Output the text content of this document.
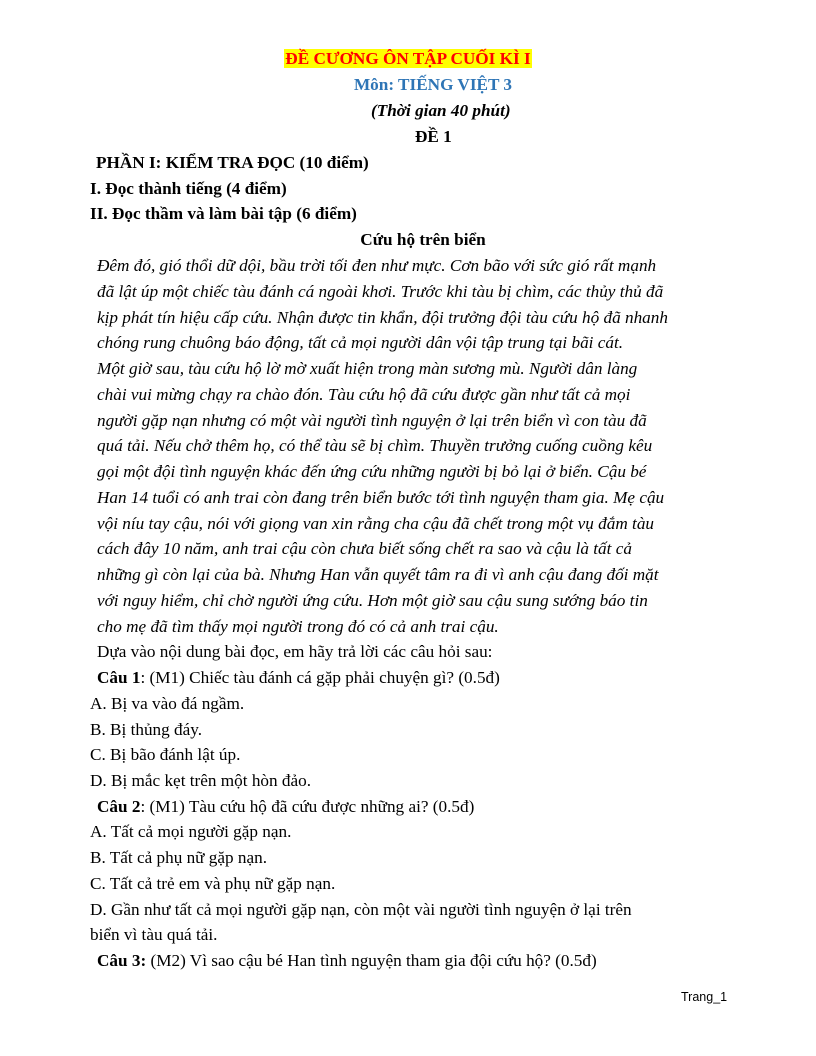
ĐỀ CƯƠNG ÔN TẬP CUỐI KÌ I
Môn: TIẾNG VIỆT 3
(Thời gian 40 phút)
ĐỀ 1
PHẦN I: KIỂM TRA ĐỌC (10 điểm)
I. Đọc thành tiếng (4 điểm)
II. Đọc thầm và làm bài tập (6 điểm)
Cứu hộ trên biển
Đêm đó, gió thổi dữ dội, bầu trời tối đen như mực. Cơn bão với sức gió rất mạnh
đã lật úp một chiếc tàu đánh cá ngoài khơi. Trước khi tàu bị chìm, các thủy thủ đã
kịp phát tín hiệu cấp cứu. Nhận được tin khẩn, đội trưởng đội tàu cứu hộ đã nhanh
chóng rung chuông báo động, tất cả mọi người dân vội tập trung tại bãi cát.
Một giờ sau, tàu cứu hộ lờ mờ xuất hiện trong màn sương mù. Người dân làng
chài vui mừng chạy ra chào đón. Tàu cứu hộ đã cứu được gần như tất cả mọi
người gặp nạn nhưng có một vài người tình nguyện ở lại trên biển vì con tàu đã
quá tải. Nếu chở thêm họ, có thể tàu sẽ bị chìm. Thuyền trưởng cuống cuồng kêu
gọi một đội tình nguyện khác đến ứng cứu những người bị bỏ lại ở biển. Cậu bé
Han 14 tuổi có anh trai còn đang trên biển bước tới tình nguyện tham gia. Mẹ cậu
vội níu tay cậu, nói với giọng van xin rằng cha cậu đã chết trong một vụ đắm tàu
cách đây 10 năm, anh trai cậu còn chưa biết sống chết ra sao và cậu là tất cả
những gì còn lại của bà. Nhưng Han vẫn quyết tâm ra đi vì anh cậu đang đối mặt
với nguy hiểm, chỉ chờ người ứng cứu. Hơn một giờ sau cậu sung sướng báo tin
cho mẹ đã tìm thấy mọi người trong đó có cả anh trai cậu.
Dựa vào nội dung bài đọc, em hãy trả lời các câu hỏi sau:
Câu 1: (M1) Chiếc tàu đánh cá gặp phải chuyện gì? (0.5đ)
A. Bị va vào đá ngầm.
B. Bị thủng đáy.
C. Bị bão đánh lật úp.
D. Bị mắc kẹt trên một hòn đảo.
Câu 2: (M1) Tàu cứu hộ đã cứu được những ai? (0.5đ)
A. Tất cả mọi người gặp nạn.
B. Tất cả phụ nữ gặp nạn.
C. Tất cả trẻ em và phụ nữ gặp nạn.
D. Gần như tất cả mọi người gặp nạn, còn một vài người tình nguyện ở lại trên
biển vì tàu quá tải.
Câu 3: (M2) Vì sao cậu bé Han tình nguyện tham gia đội cứu hộ? (0.5đ)
Trang_1
